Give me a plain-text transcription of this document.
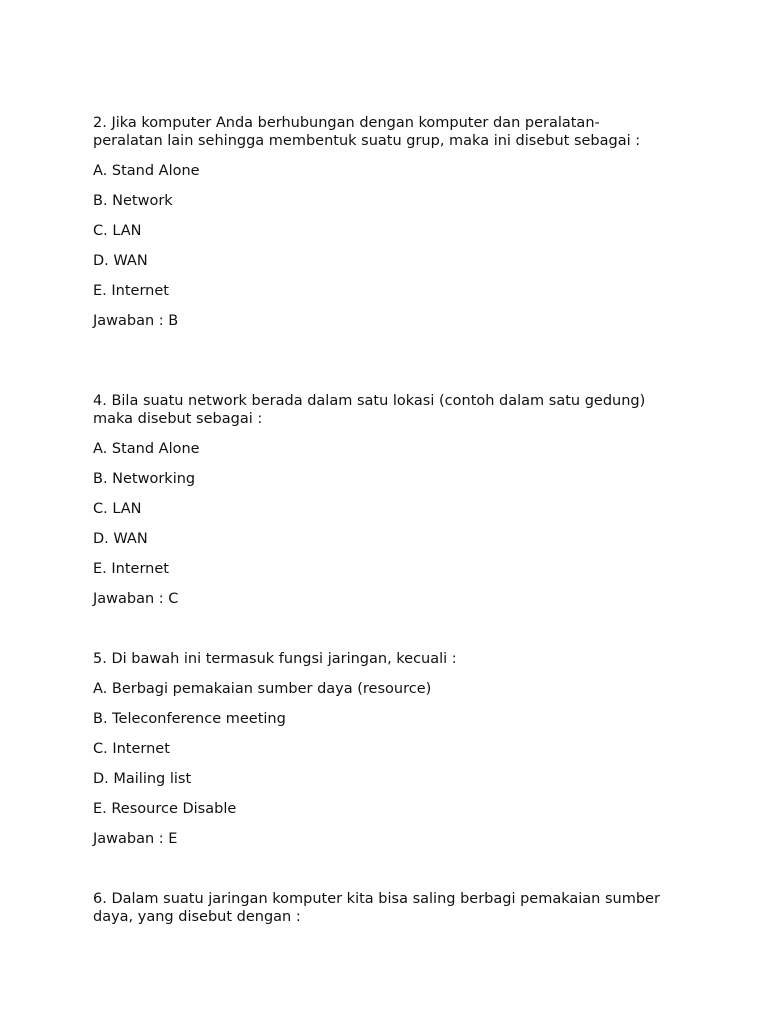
2. Jika komputer Anda berhubungan dengan komputer dan peralatan-peralatan lain sehingga membentuk suatu grup, maka ini disebut sebagai :
A. Stand Alone
B. Network
C. LAN
D. WAN
E. Internet
Jawaban : B
4. Bila suatu network berada dalam satu lokasi (contoh dalam satu gedung) maka disebut sebagai :
A. Stand Alone
B. Networking
C. LAN
D. WAN
E. Internet
Jawaban : C
5. Di bawah ini termasuk fungsi jaringan, kecuali :
A. Berbagi pemakaian sumber daya (resource)
B. Teleconference meeting
C. Internet
D. Mailing list
E. Resource Disable
Jawaban : E
6. Dalam suatu jaringan komputer kita bisa saling berbagi pemakaian sumber daya, yang disebut dengan :
